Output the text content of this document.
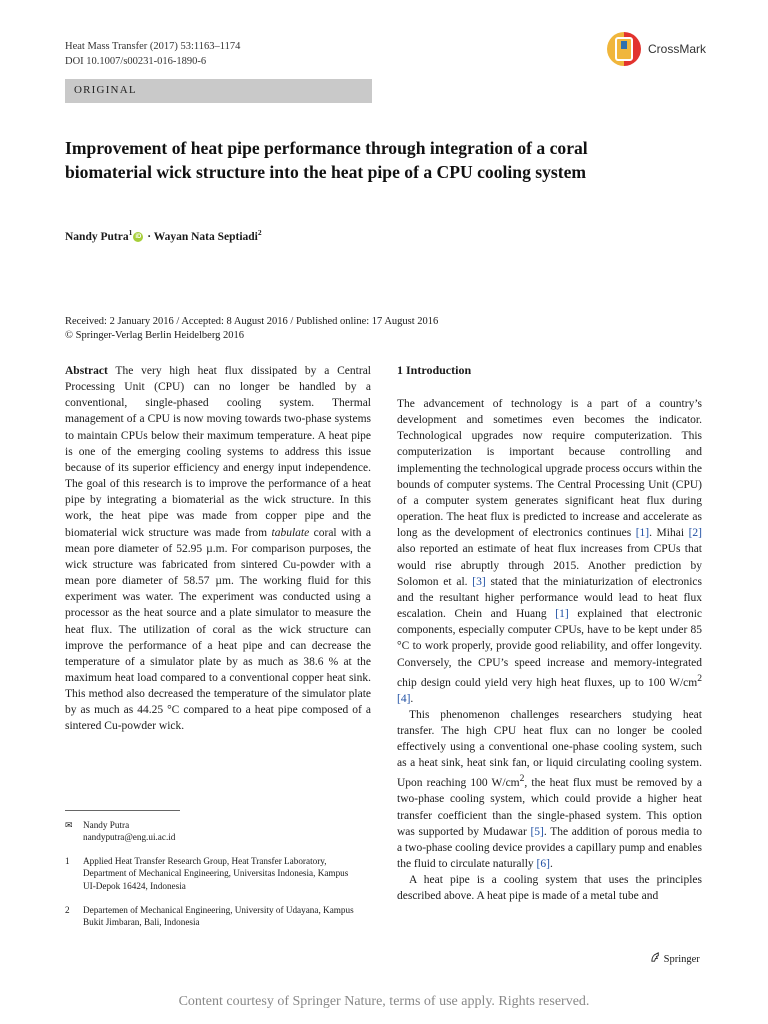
Heat Mass Transfer (2017) 53:1163–1174
DOI 10.1007/s00231-016-1890-6
ORIGINAL
CrossMark
Improvement of heat pipe performance through integration of a coral biomaterial wick structure into the heat pipe of a CPU cooling system
Nandy Putra$^1$iD · Wayan Nata Septiadi$^2$
Received: 2 January 2016 / Accepted: 8 August 2016 / Published online: 17 August 2016
© Springer-Verlag Berlin Heidelberg 2016
Abstract The very high heat flux dissipated by a Central Processing Unit (CPU) can no longer be handled by a conventional, single-phased cooling system. Thermal management of a CPU is now moving towards two-phase systems to maintain CPUs below their maximum temperature. A heat pipe is one of the emerging cooling systems to address this issue because of its superior efficiency and energy input independence. The goal of this research is to improve the performance of a heat pipe by integrating a biomaterial as the wick structure. In this work, the heat pipe was made from copper pipe and the biomaterial wick structure was made from tabulate coral with a mean pore diameter of 52.95 µ.m. For comparison purposes, the wick structure was fabricated from sintered Cu-powder with a mean pore diameter of 58.57 µm. The working fluid for this experiment was water. The experiment was conducted using a processor as the heat source and a plate simulator to measure the heat flux. The utilization of coral as the wick structure can improve the performance of a heat pipe and can decrease the temperature of a simulator plate by as much as 38.6 % at the maximum heat load compared to a conventional copper heat sink. This method also decreased the temperature of the simulator plate by as much as 44.25 °C compared to a heat pipe composed of a sintered Cu-powder wick.
1 Introduction

The advancement of technology is a part of a country’s development and sometimes even becomes the indicator. Technological upgrades now require computerization. This computerization is important because controlling and implementing the technological upgrade process occurs within the bounds of computer systems. The Central Processing Unit (CPU) of a computer system generates significant heat flux during operation. The heat flux is predicted to increase and accelerate as long as the development of electronics continues [1]. Mihai [2] also reported an estimate of heat flux increases from CPUs that would rise abruptly through 2015. Another prediction by Solomon et al. [3] stated that the miniaturization of electronics and the resultant higher performance would lead to heat flux escalation. Chein and Huang [1] explained that electronic components, especially computer CPUs, have to be kept under 85 °C to work properly, provide good reliability, and offer longevity. Conversely, the CPU’s speed increase and memory-integrated chip design could yield very high heat fluxes, up to 100 $W/cm^2$ [4].

This phenomenon challenges researchers studying heat transfer. The high CPU heat flux can no longer be cooled effectively using a conventional one-phase cooling system, such as a heat sink, heat sink fan, or liquid circulating cooling system. Upon reaching 100 $W/cm^2$, the heat flux must be removed by a two-phase cooling system, which could provide a higher heat transfer coefficient than the single-phased system. This option was supported by Mudawar [5]. The addition of porous media to a two-phase cooling device provides a capillary pump and enables the fluid to circulate naturally [6].

A heat pipe is a cooling system that uses the principles described above. A heat pipe is made of a metal tube and

✉ Nandy Putra
nandyputra@eng.ui.ac.id
1 Applied Heat Transfer Research Group, Heat Transfer Laboratory, Department of Mechanical Engineering, Universitas Indonesia, Kampus UI-Depok 16424, Indonesia
2 Departemen of Mechanical Engineering, University of Udayana, Kampus Bukit Jimbaran, Bali, Indonesia
Springer
Content courtesy of Springer Nature, terms of use apply. Rights reserved.
